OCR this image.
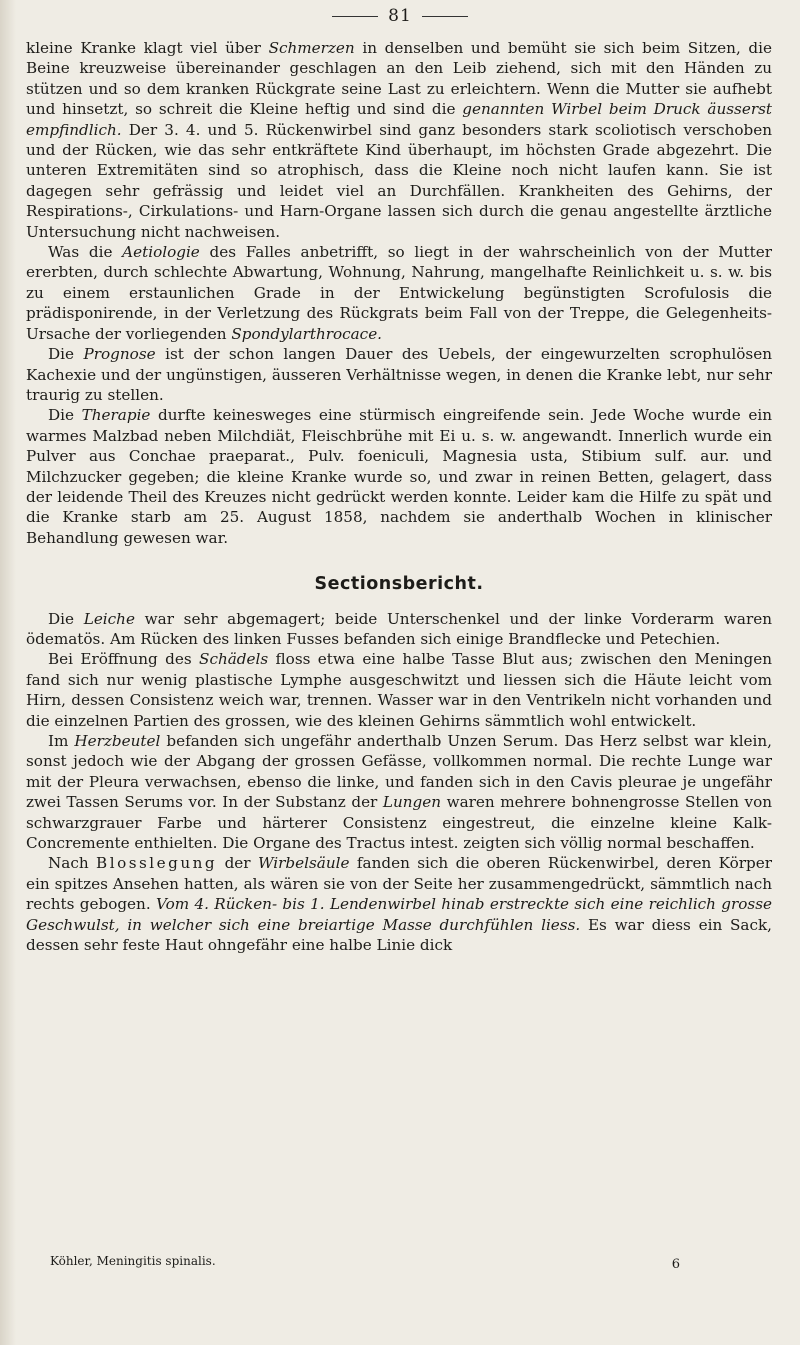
81

kleine Kranke klagt viel über Schmerzen in denselben und bemüht sie sich beim Sitzen, die Beine kreuzweise übereinander geschlagen an den Leib ziehend, sich mit den Händen zu stützen und so dem kranken Rückgrate seine Last zu erleichtern. Wenn die Mutter sie aufhebt und hinsetzt, so schreit die Kleine heftig und sind die genannten Wirbel beim Druck äusserst empfindlich. Der 3. 4. und 5. Rückenwirbel sind ganz besonders stark scoliotisch verschoben und der Rücken, wie das sehr entkräftete Kind überhaupt, im höchsten Grade abgezehrt. Die unteren Extremitäten sind so atrophisch, dass die Kleine noch nicht laufen kann. Sie ist dagegen sehr gefrässig und leidet viel an Durchfällen. Krankheiten des Gehirns, der Respirations-, Cirkulations- und Harn-Organe lassen sich durch die genau angestellte ärztliche Untersuchung nicht nachweisen.

Was die Aetiologie des Falles anbetrifft, so liegt in der wahrscheinlich von der Mutter ererbten, durch schlechte Abwartung, Wohnung, Nahrung, mangelhafte Reinlichkeit u. s. w. bis zu einem erstaunlichen Grade in der Entwickelung begünstigten Scrofulosis die prädisponirende, in der Verletzung des Rückgrats beim Fall von der Treppe, die Gelegenheits-Ursache der vorliegenden Spondylarthrocace.

Die Prognose ist der schon langen Dauer des Uebels, der eingewurzelten scrophulösen Kachexie und der ungünstigen, äusseren Verhältnisse wegen, in denen die Kranke lebt, nur sehr traurig zu stellen.

Die Therapie durfte keinesweges eine stürmisch eingreifende sein. Jede Woche wurde ein warmes Malzbad neben Milchdiät, Fleischbrühe mit Ei u. s. w. angewandt. Innerlich wurde ein Pulver aus Conchae praeparat., Pulv. foeniculi, Magnesia usta, Stibium sulf. aur. und Milchzucker gegeben; die kleine Kranke wurde so, und zwar in reinen Betten, gelagert, dass der leidende Theil des Kreuzes nicht gedrückt werden konnte. Leider kam die Hilfe zu spät und die Kranke starb am 25. August 1858, nachdem sie anderthalb Wochen in klinischer Behandlung gewesen war.

Sectionsbericht.

Die Leiche war sehr abgemagert; beide Unterschenkel und der linke Vorderarm waren ödematös. Am Rücken des linken Fusses befanden sich einige Brandflecke und Petechien.

Bei Eröffnung des Schädels floss etwa eine halbe Tasse Blut aus; zwischen den Meningen fand sich nur wenig plastische Lymphe ausgeschwitzt und liessen sich die Häute leicht vom Hirn, dessen Consistenz weich war, trennen. Wasser war in den Ventrikeln nicht vorhanden und die einzelnen Partien des grossen, wie des kleinen Gehirns sämmtlich wohl entwickelt.

Im Herzbeutel befanden sich ungefähr anderthalb Unzen Serum. Das Herz selbst war klein, sonst jedoch wie der Abgang der grossen Gefässe, vollkommen normal. Die rechte Lunge war mit der Pleura verwachsen, ebenso die linke, und fanden sich in den Cavis pleurae je ungefähr zwei Tassen Serums vor. In der Substanz der Lungen waren mehrere bohnengrosse Stellen von schwarzgrauer Farbe und härterer Consistenz eingestreut, die einzelne kleine Kalk-Concremente enthielten. Die Organe des Tractus intest. zeigten sich völlig normal beschaffen.

Nach Blosslegung der Wirbelsäule fanden sich die oberen Rückenwirbel, deren Körper ein spitzes Ansehen hatten, als wären sie von der Seite her zusammengedrückt, sämmtlich nach rechts gebogen. Vom 4. Rücken- bis 1. Lendenwirbel hinab erstreckte sich eine reichlich grosse Geschwulst, in welcher sich eine breiartige Masse durchfühlen liess. Es war diess ein Sack, dessen sehr feste Haut ohngefähr eine halbe Linie dick

Köhler, Meningitis spinalis.	6
